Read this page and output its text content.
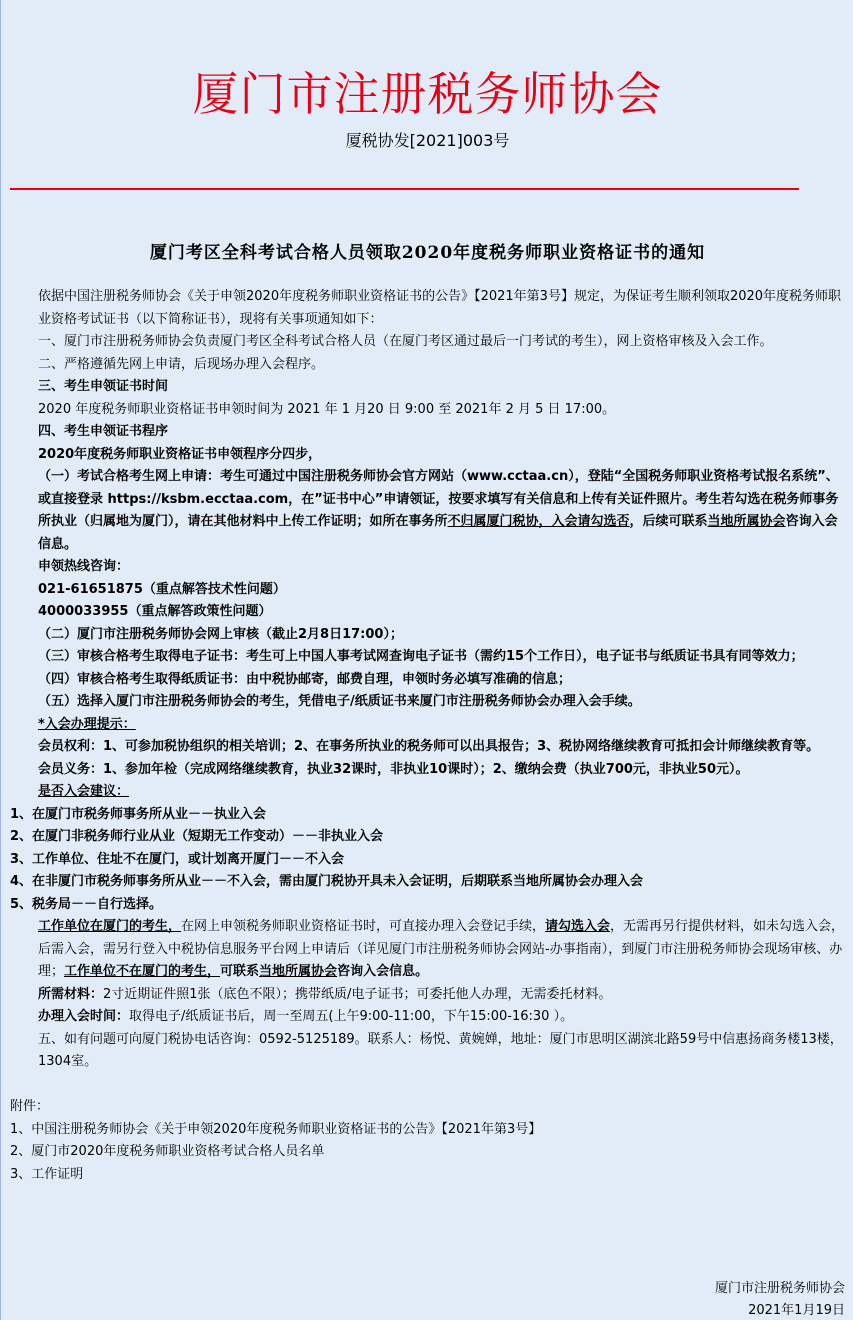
厦门市注册税务师协会
厦税协发[2021]003号
厦门考区全科考试合格人员领取2020年度税务师职业资格证书的通知

依据中国注册税务师协会《关于申领2020年度税务师职业资格证书的公告》【2021年第3号】规定，为保证考生顺利领取2020年度税务师职业资格考试证书（以下简称证书），现将有关事项通知如下：

一、厦门市注册税务师协会负责厦门考区全科考试合格人员（在厦门考区通过最后一门考试的考生），网上资格审核及入会工作。

二、严格遵循先网上申请，后现场办理入会程序。

三、考生申领证书时间

2020 年度税务师职业资格证书申领时间为 2021 年 1 月20 日 9:00 至 2021年 2 月 5 日 17:00。

四、考生申领证书程序

2020年度税务师职业资格证书申领程序分四步，

（一）考试合格考生网上申请：考生可通过中国注册税务师协会官方网站（www.cctaa.cn），登陆“全国税务师职业资格考试报名系统”、或直接登录 https://ksbm.ecctaa.com，在”证书中心”申请领证，按要求填写有关信息和上传有关证件照片。考生若勾选在税务师事务所执业（归属地为厦门），请在其他材料中上传工作证明；如所在事务所不归属厦门税协，入会请勾选否，后续可联系当地所属协会咨询入会信息。

申领热线咨询：

021-61651875（重点解答技术性问题）

4000033955（重点解答政策性问题）

（二）厦门市注册税务师协会网上审核（截止2月8日17:00）；

（三）审核合格考生取得电子证书：考生可上中国人事考试网查询电子证书（需约15个工作日），电子证书与纸质证书具有同等效力；

（四）审核合格考生取得纸质证书：由中税协邮寄，邮费自理，申领时务必填写准确的信息；

（五）选择入厦门市注册税务师协会的考生，凭借电子/纸质证书来厦门市注册税务师协会办理入会手续。

*入会办理提示：

会员权利：1、可参加税协组织的相关培训；2、在事务所执业的税务师可以出具报告；3、税协网络继续教育可抵扣会计师继续教育等。

会员义务：1、参加年检（完成网络继续教育，执业32课时，非执业10课时）；2、缴纳会费（执业700元，非执业50元）。

是否入会建议：

1、在厦门市税务师事务所从业－－执业入会

2、在厦门非税务师行业从业（短期无工作变动）－－非执业入会

3、工作单位、住址不在厦门，或计划离开厦门－－不入会

4、在非厦门市税务师事务所从业－－不入会，需由厦门税协开具未入会证明，后期联系当地所属协会办理入会

5、税务局－－自行选择。

工作单位在厦门的考生，在网上申领税务师职业资格证书时，可直接办理入会登记手续，请勾选入会，无需再另行提供材料，如未勾选入会，后需入会，需另行登入中税协信息服务平台网上申请后（详见厦门市注册税务师协会网站-办事指南），到厦门市注册税务师协会现场审核、办理；工作单位不在厦门的考生，可联系当地所属协会咨询入会信息。

所需材料：2寸近期证件照1张（底色不限）；携带纸质/电子证书；可委托他人办理，无需委托材料。

办理入会时间：取得电子/纸质证书后，周一至周五(上午9:00-11:00，下午15:00-16:30 ）。

五、如有问题可向厦门税协电话咨询：0592-5125189。联系人：杨悦、黄婉婵，地址：厦门市思明区湖滨北路59号中信惠扬商务楼13楼，1304室。

附件：

1、中国注册税务师协会《关于申领2020年度税务师职业资格证书的公告》【2021年第3号】

2、厦门市2020年度税务师职业资格考试合格人员名单

3、工作证明

厦门市注册税务师协会
2021年1月19日
